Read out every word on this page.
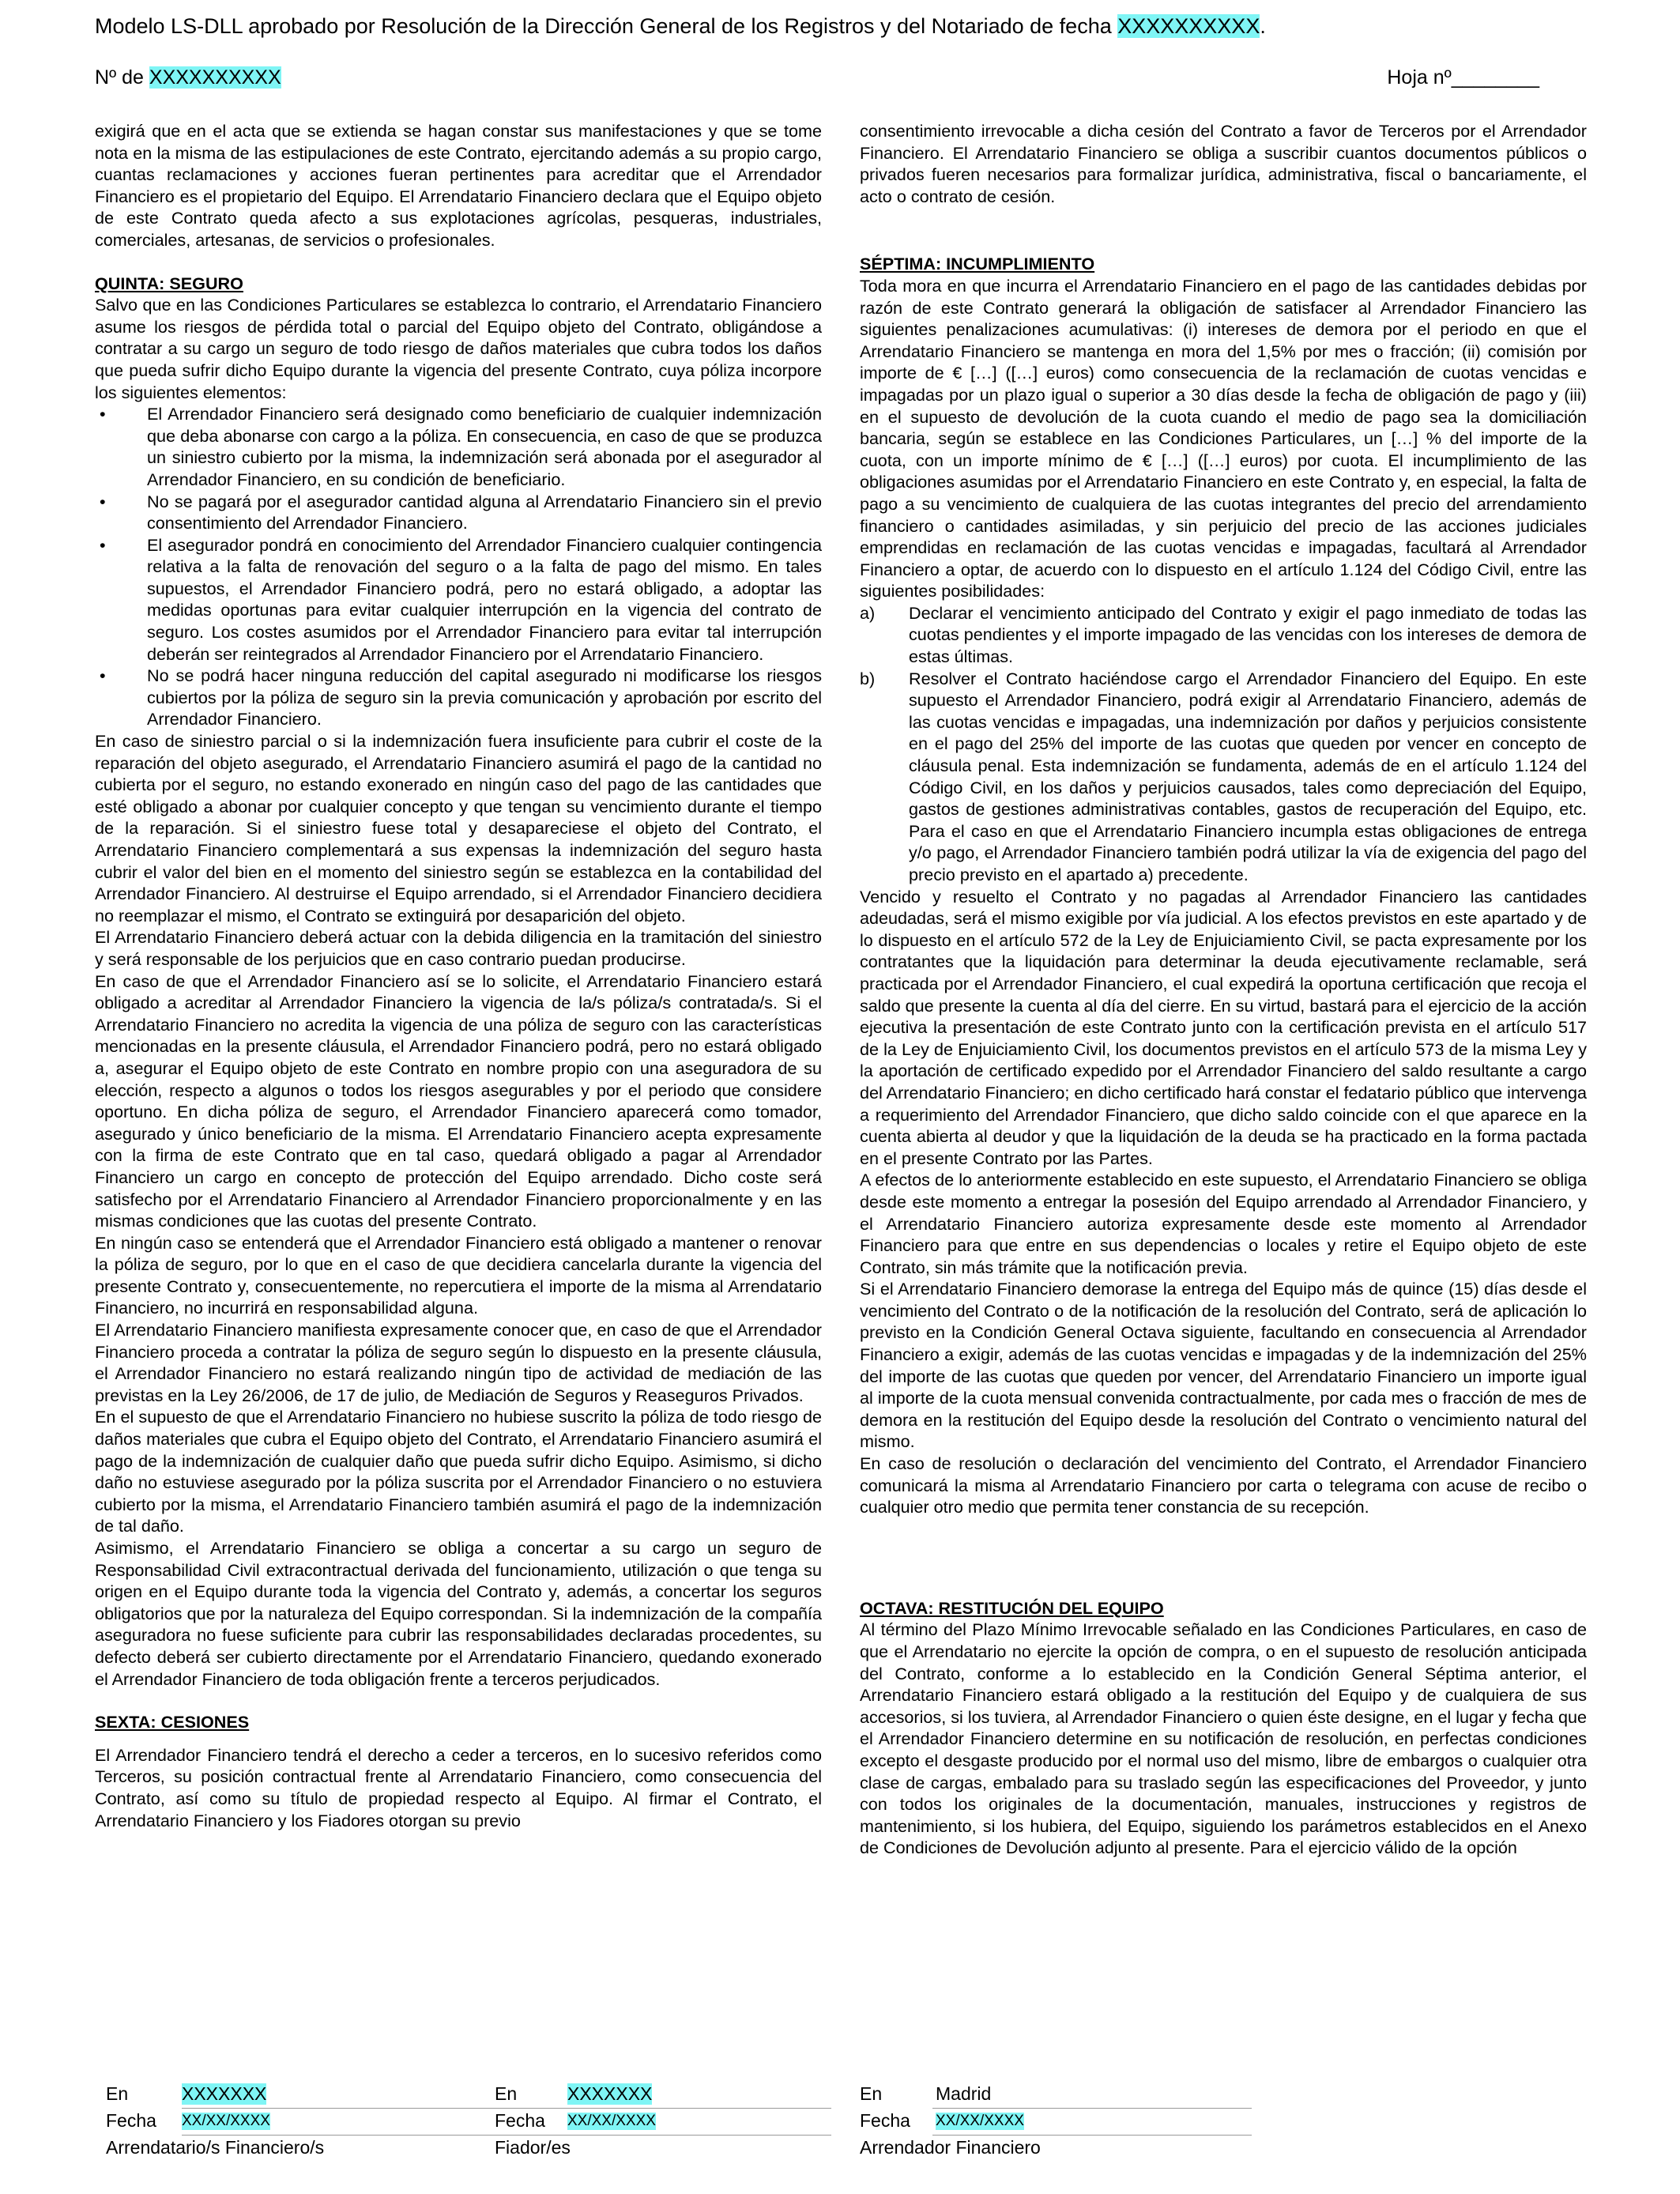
Modelo LS-DLL aprobado por Resolución de la Dirección General de los Registros y del Notariado de fecha XXXXXXXXXX.
Nº de XXXXXXXXXX	Hoja nº________

exigirá que en el acta que se extienda se hagan constar sus manifestaciones y que se tome nota en la misma de las estipulaciones de este Contrato, ejercitando además a su propio cargo, cuantas reclamaciones y acciones fueran pertinentes para acreditar que el Arrendador Financiero es el propietario del Equipo. El Arrendatario Financiero declara que el Equipo objeto de este Contrato queda afecto a sus explotaciones agrícolas, pesqueras, industriales, comerciales, artesanas, de servicios o profesionales.

QUINTA: SEGURO

Salvo que en las Condiciones Particulares se establezca lo contrario, el Arrendatario Financiero asume los riesgos de pérdida total o parcial del Equipo objeto del Contrato, obligándose a contratar a su cargo un seguro de todo riesgo de daños materiales que cubra todos los daños que pueda sufrir dicho Equipo durante la vigencia del presente Contrato, cuya póliza incorpore los siguientes elementos:

• El Arrendador Financiero será designado como beneficiario de cualquier indemnización que deba abonarse con cargo a la póliza. En consecuencia, en caso de que se produzca un siniestro cubierto por la misma, la indemnización será abonada por el asegurador al Arrendador Financiero, en su condición de beneficiario.
• No se pagará por el asegurador cantidad alguna al Arrendatario Financiero sin el previo consentimiento del Arrendador Financiero.
• El asegurador pondrá en conocimiento del Arrendador Financiero cualquier contingencia relativa a la falta de renovación del seguro o a la falta de pago del mismo. En tales supuestos, el Arrendador Financiero podrá, pero no estará obligado, a adoptar las medidas oportunas para evitar cualquier interrupción en la vigencia del contrato de seguro. Los costes asumidos por el Arrendador Financiero para evitar tal interrupción deberán ser reintegrados al Arrendador Financiero por el Arrendatario Financiero.
• No se podrá hacer ninguna reducción del capital asegurado ni modificarse los riesgos cubiertos por la póliza de seguro sin la previa comunicación y aprobación por escrito del Arrendador Financiero.

En caso de siniestro parcial o si la indemnización fuera insuficiente para cubrir el coste de la reparación del objeto asegurado, el Arrendatario Financiero asumirá el pago de la cantidad no cubierta por el seguro, no estando exonerado en ningún caso del pago de las cantidades que esté obligado a abonar por cualquier concepto y que tengan su vencimiento durante el tiempo de la reparación. Si el siniestro fuese total y desapareciese el objeto del Contrato, el Arrendatario Financiero complementará a sus expensas la indemnización del seguro hasta cubrir el valor del bien en el momento del siniestro según se establezca en la contabilidad del Arrendador Financiero. Al destruirse el Equipo arrendado, si el Arrendador Financiero decidiera no reemplazar el mismo, el Contrato se extinguirá por desaparición del objeto.

El Arrendatario Financiero deberá actuar con la debida diligencia en la tramitación del siniestro y será responsable de los perjuicios que en caso contrario puedan producirse.

En caso de que el Arrendador Financiero así se lo solicite, el Arrendatario Financiero estará obligado a acreditar al Arrendador Financiero la vigencia de la/s póliza/s contratada/s. Si el Arrendatario Financiero no acredita la vigencia de una póliza de seguro con las características mencionadas en la presente cláusula, el Arrendador Financiero podrá, pero no estará obligado a, asegurar el Equipo objeto de este Contrato en nombre propio con una aseguradora de su elección, respecto a algunos o todos los riesgos asegurables y por el periodo que considere oportuno. En dicha póliza de seguro, el Arrendador Financiero aparecerá como tomador, asegurado y único beneficiario de la misma. El Arrendatario Financiero acepta expresamente con la firma de este Contrato que en tal caso, quedará obligado a pagar al Arrendador Financiero un cargo en concepto de protección del Equipo arrendado. Dicho coste será satisfecho por el Arrendatario Financiero al Arrendador Financiero proporcionalmente y en las mismas condiciones que las cuotas del presente Contrato.

En ningún caso se entenderá que el Arrendador Financiero está obligado a mantener o renovar la póliza de seguro, por lo que en el caso de que decidiera cancelarla durante la vigencia del presente Contrato y, consecuentemente, no repercutiera el importe de la misma al Arrendatario Financiero, no incurrirá en responsabilidad alguna.

El Arrendatario Financiero manifiesta expresamente conocer que, en caso de que el Arrendador Financiero proceda a contratar la póliza de seguro según lo dispuesto en la presente cláusula, el Arrendador Financiero no estará realizando ningún tipo de actividad de mediación de las previstas en la Ley 26/2006, de 17 de julio, de Mediación de Seguros y Reaseguros Privados.

En el supuesto de que el Arrendatario Financiero no hubiese suscrito la póliza de todo riesgo de daños materiales que cubra el Equipo objeto del Contrato, el Arrendatario Financiero asumirá el pago de la indemnización de cualquier daño que pueda sufrir dicho Equipo. Asimismo, si dicho daño no estuviese asegurado por la póliza suscrita por el Arrendador Financiero o no estuviera cubierto por la misma, el Arrendatario Financiero también asumirá el pago de la indemnización de tal daño.

Asimismo, el Arrendatario Financiero se obliga a concertar a su cargo un seguro de Responsabilidad Civil extracontractual derivada del funcionamiento, utilización o que tenga su origen en el Equipo durante toda la vigencia del Contrato y, además, a concertar los seguros obligatorios que por la naturaleza del Equipo correspondan. Si la indemnización de la compañía aseguradora no fuese suficiente para cubrir las responsabilidades declaradas procedentes, su defecto deberá ser cubierto directamente por el Arrendatario Financiero, quedando exonerado el Arrendador Financiero de toda obligación frente a terceros perjudicados.

SEXTA: CESIONES

El Arrendador Financiero tendrá el derecho a ceder a terceros, en lo sucesivo referidos como Terceros, su posición contractual frente al Arrendatario Financiero, como consecuencia del Contrato, así como su título de propiedad respecto al Equipo. Al firmar el Contrato, el Arrendatario Financiero y los Fiadores otorgan su previo

consentimiento irrevocable a dicha cesión del Contrato a favor de Terceros por el Arrendador Financiero. El Arrendatario Financiero se obliga a suscribir cuantos documentos públicos o privados fueren necesarios para formalizar jurídica, administrativa, fiscal o bancariamente, el acto o contrato de cesión.

SÉPTIMA: INCUMPLIMIENTO

Toda mora en que incurra el Arrendatario Financiero en el pago de las cantidades debidas por razón de este Contrato generará la obligación de satisfacer al Arrendador Financiero las siguientes penalizaciones acumulativas: (i) intereses de demora por el periodo en que el Arrendatario Financiero se mantenga en mora del 1,5% por mes o fracción; (ii) comisión por importe de € […] ([…] euros) como consecuencia de la reclamación de cuotas vencidas e impagadas por un plazo igual o superior a 30 días desde la fecha de obligación de pago y (iii) en el supuesto de devolución de la cuota cuando el medio de pago sea la domiciliación bancaria, según se establece en las Condiciones Particulares, un […] % del importe de la cuota, con un importe mínimo de € […] ([…] euros) por cuota. El incumplimiento de las obligaciones asumidas por el Arrendatario Financiero en este Contrato y, en especial, la falta de pago a su vencimiento de cualquiera de las cuotas integrantes del precio del arrendamiento financiero o cantidades asimiladas, y sin perjuicio del precio de las acciones judiciales emprendidas en reclamación de las cuotas vencidas e impagadas, facultará al Arrendador Financiero a optar, de acuerdo con lo dispuesto en el artículo 1.124 del Código Civil, entre las siguientes posibilidades:

a) Declarar el vencimiento anticipado del Contrato y exigir el pago inmediato de todas las cuotas pendientes y el importe impagado de las vencidas con los intereses de demora de estas últimas.
b) Resolver el Contrato haciéndose cargo el Arrendador Financiero del Equipo. En este supuesto el Arrendador Financiero, podrá exigir al Arrendatario Financiero, además de las cuotas vencidas e impagadas, una indemnización por daños y perjuicios consistente en el pago del 25% del importe de las cuotas que queden por vencer en concepto de cláusula penal. Esta indemnización se fundamenta, además de en el artículo 1.124 del Código Civil, en los daños y perjuicios causados, tales como depreciación del Equipo, gastos de gestiones administrativas contables, gastos de recuperación del Equipo, etc. Para el caso en que el Arrendatario Financiero incumpla estas obligaciones de entrega y/o pago, el Arrendador Financiero también podrá utilizar la vía de exigencia del pago del precio previsto en el apartado a) precedente.

Vencido y resuelto el Contrato y no pagadas al Arrendador Financiero las cantidades adeudadas, será el mismo exigible por vía judicial. A los efectos previstos en este apartado y de lo dispuesto en el artículo 572 de la Ley de Enjuiciamiento Civil, se pacta expresamente por los contratantes que la liquidación para determinar la deuda ejecutivamente reclamable, será practicada por el Arrendador Financiero, el cual expedirá la oportuna certificación que recoja el saldo que presente la cuenta al día del cierre. En su virtud, bastará para el ejercicio de la acción ejecutiva la presentación de este Contrato junto con la certificación prevista en el artículo 517 de la Ley de Enjuiciamiento Civil, los documentos previstos en el artículo 573 de la misma Ley y la aportación de certificado expedido por el Arrendador Financiero del saldo resultante a cargo del Arrendatario Financiero; en dicho certificado hará constar el fedatario público que intervenga a requerimiento del Arrendador Financiero, que dicho saldo coincide con el que aparece en la cuenta abierta al deudor y que la liquidación de la deuda se ha practicado en la forma pactada en el presente Contrato por las Partes.

A efectos de lo anteriormente establecido en este supuesto, el Arrendatario Financiero se obliga desde este momento a entregar la posesión del Equipo arrendado al Arrendador Financiero, y el Arrendatario Financiero autoriza expresamente desde este momento al Arrendador Financiero para que entre en sus dependencias o locales y retire el Equipo objeto de este Contrato, sin más trámite que la notificación previa.

Si el Arrendatario Financiero demorase la entrega del Equipo más de quince (15) días desde el vencimiento del Contrato o de la notificación de la resolución del Contrato, será de aplicación lo previsto en la Condición General Octava siguiente, facultando en consecuencia al Arrendador Financiero a exigir, además de las cuotas vencidas e impagadas y de la indemnización del 25% del importe de las cuotas que queden por vencer, del Arrendatario Financiero un importe igual al importe de la cuota mensual convenida contractualmente, por cada mes o fracción de mes de demora en la restitución del Equipo desde la resolución del Contrato o vencimiento natural del mismo.

En caso de resolución o declaración del vencimiento del Contrato, el Arrendador Financiero comunicará la misma al Arrendatario Financiero por carta o telegrama con acuse de recibo o cualquier otro medio que permita tener constancia de su recepción.

OCTAVA: RESTITUCIÓN DEL EQUIPO

Al término del Plazo Mínimo Irrevocable señalado en las Condiciones Particulares, en caso de que el Arrendatario no ejercite la opción de compra, o en el supuesto de resolución anticipada del Contrato, conforme a lo establecido en la Condición General Séptima anterior, el Arrendatario Financiero estará obligado a la restitución del Equipo y de cualquiera de sus accesorios, si los tuviera, al Arrendador Financiero o quien éste designe, en el lugar y fecha que el Arrendador Financiero determine en su notificación de resolución, en perfectas condiciones excepto el desgaste producido por el normal uso del mismo, libre de embargos o cualquier otra clase de cargas, embalado para su traslado según las especificaciones del Proveedor, y junto con todos los originales de la documentación, manuales, instrucciones y registros de mantenimiento, si los hubiera, del Equipo, siguiendo los parámetros establecidos en el Anexo de Condiciones de Devolución adjunto al presente. Para el ejercicio válido de la opción

En	XXXXXXX
Fecha XX/XX/XXXX
Arrendatario/s Financiero/s
En	XXXXXXX
Fecha XX/XX/XXXX
Fiador/es
En	Madrid
Fecha XX/XX/XXXX
Arrendador Financiero
